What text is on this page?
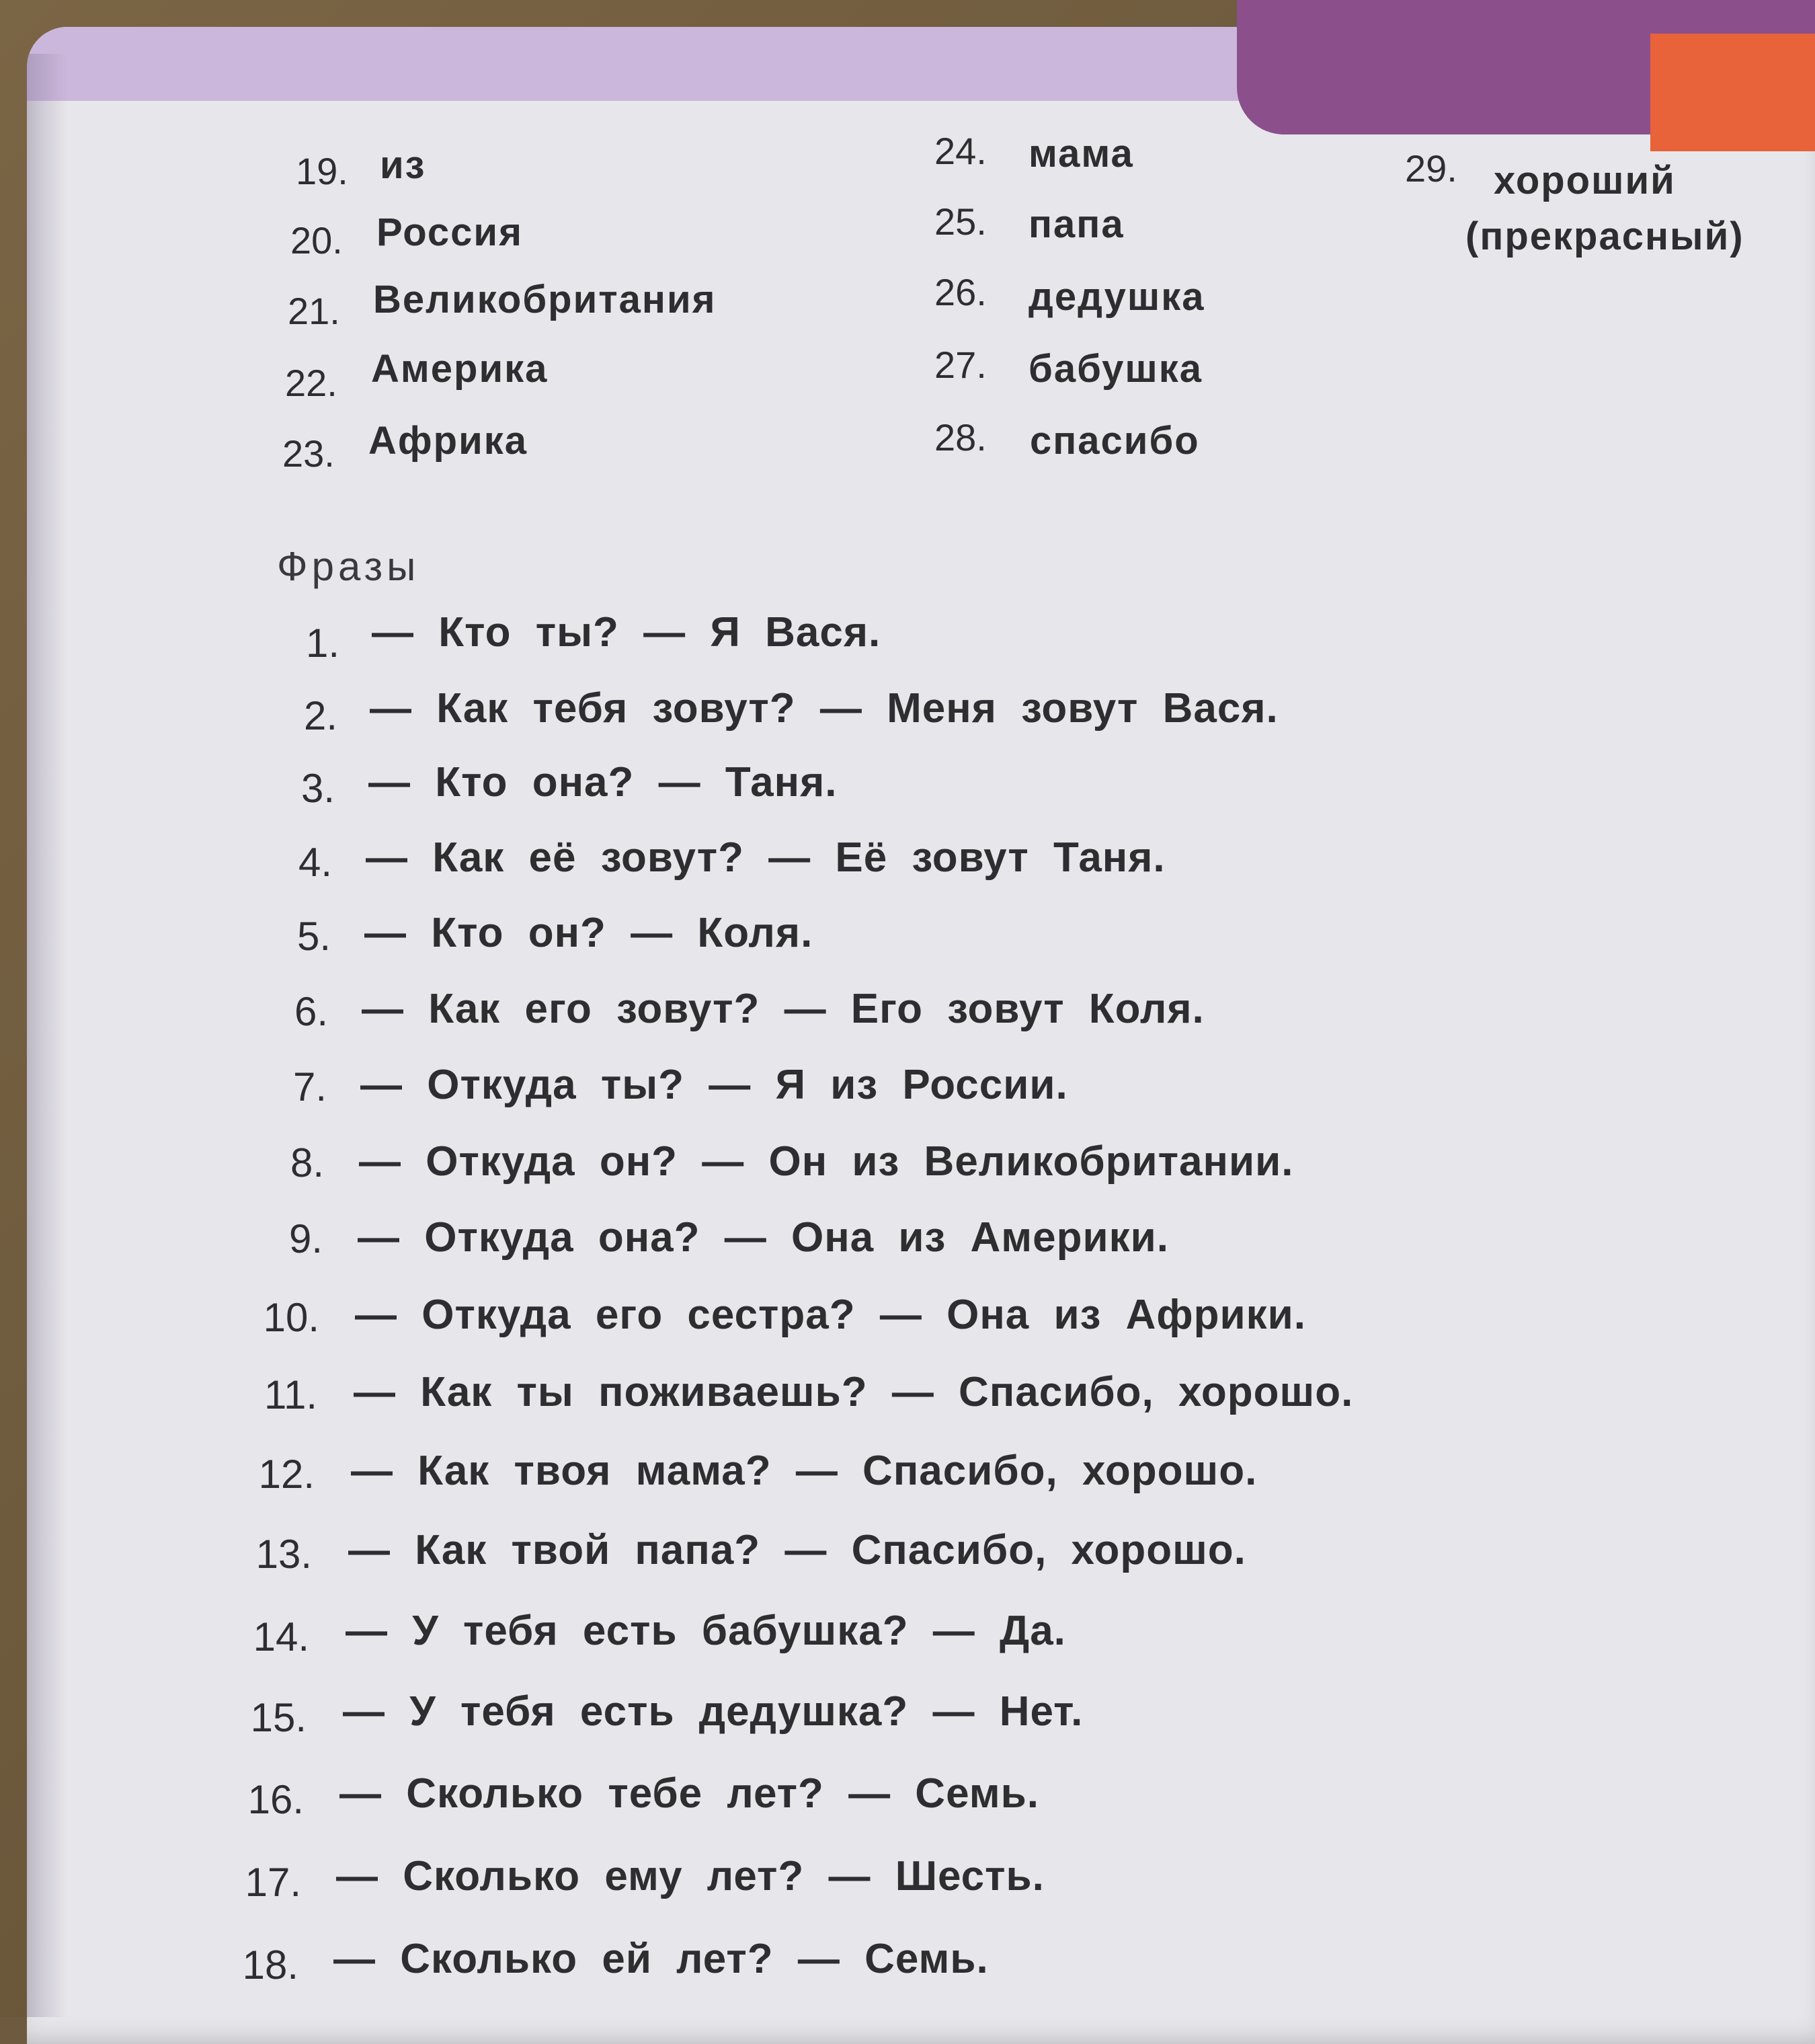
19. из
20. Россия
21. Великобритания
22. Америка
23. Африка
24. мама
25. папа
26. дедушка
27. бабушка
28. спасибо
29. хороший
(прекрасный)
Фразы
1. — Кто ты? — Я Вася.
2. — Как тебя зовут? — Меня зовут Вася.
3. — Кто она? — Таня.
4. — Как её зовут? — Её зовут Таня.
5. — Кто он? — Коля.
6. — Как его зовут? — Его зовут Коля.
7. — Откуда ты? — Я из России.
8. — Откуда он? — Он из Великобритании.
9. — Откуда она? — Она из Америки.
10. — Откуда его сестра? — Она из Африки.
11. — Как ты поживаешь? — Спасибо, хорошо.
12. — Как твоя мама? — Спасибо, хорошо.
13. — Как твой папа? — Спасибо, хорошо.
14. — У тебя есть бабушка? — Да.
15. — У тебя есть дедушка? — Нет.
16. — Сколько тебе лет? — Семь.
17. — Сколько ему лет? — Шесть.
18. — Сколько ей лет? — Семь.
